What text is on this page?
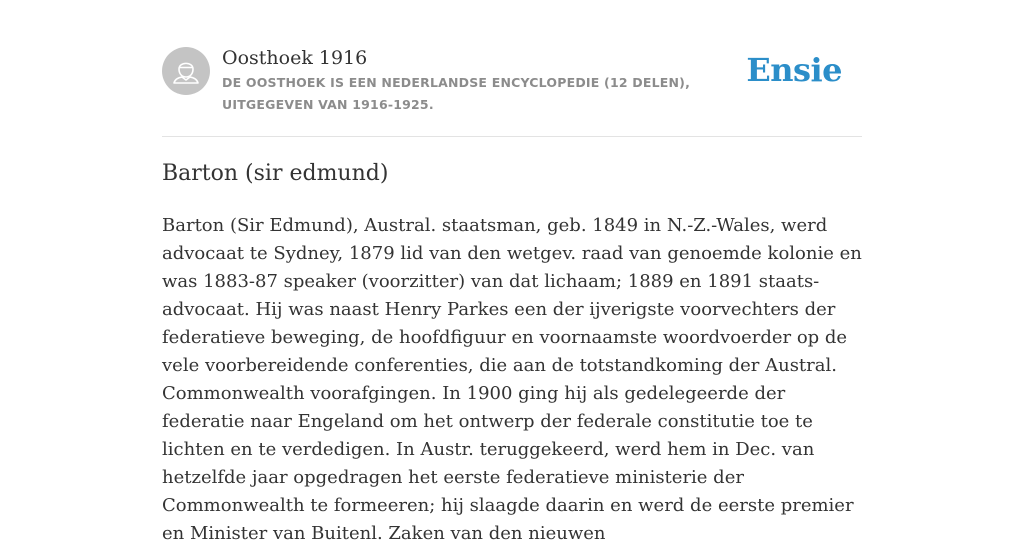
Oosthoek 1916
DE OOSTHOEK IS EEN NEDERLANDSE ENCYCLOPEDIE (12 DELEN), UITGEGEVEN VAN 1916-1925.
Ensie
Barton (sir edmund)

Barton (Sir Edmund), Austral. staatsman, geb. 1849 in N.-Z.-Wales, werd advocaat te Sydney, 1879 lid van den wetgev. raad van genoemde kolonie en was 1883-87 speaker (voorzitter) van dat lichaam; 1889 en 1891 staats-advocaat. Hij was naast Henry Parkes een der ijverigste voorvechters der federatieve beweging, de hoofdfiguur en voornaamste woordvoerder op de vele voorbereidende conferenties, die aan de totstandkoming der Austral. Commonwealth voorafgingen. In 1900 ging hij als gedelegeerde der federatie naar Engeland om het ontwerp der federale constitutie toe te lichten en te verdedigen. In Austr. teruggekeerd, werd hem in Dec. van hetzelfde jaar opgedragen het eerste federatieve ministerie der Commonwealth te formeeren; hij slaagde daarin en werd de eerste premier en Minister van Buitenl. Zaken van den nieuwen
